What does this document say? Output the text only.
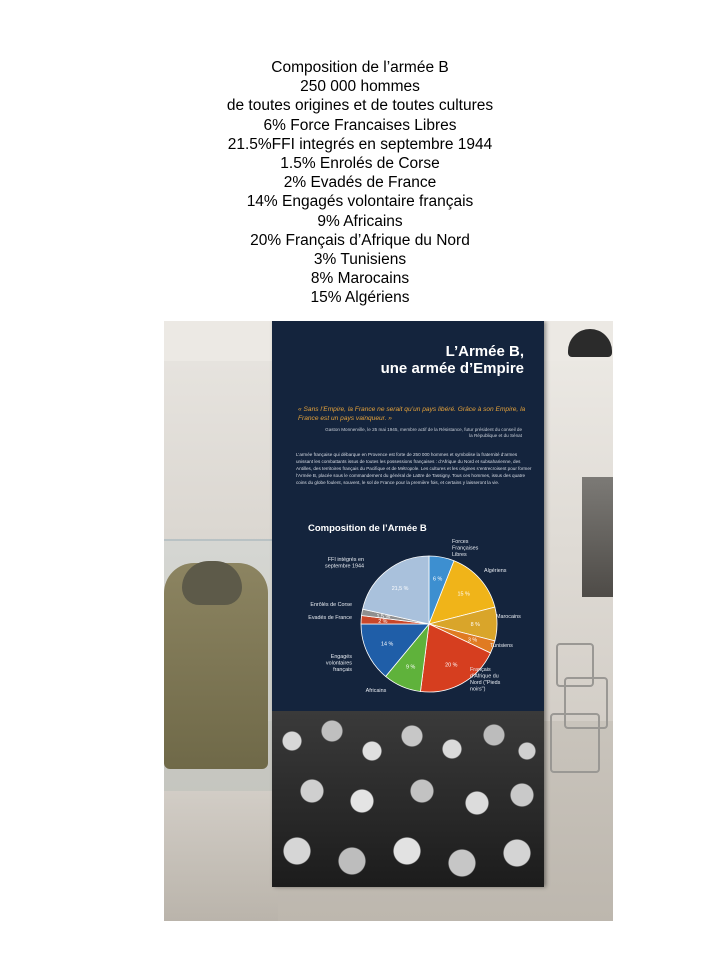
Composition de l’armée B
250 000 hommes
de toutes origines et de toutes cultures
6% Force Francaises Libres
21.5%FFI integrés en septembre 1944
1.5% Enrolés de Corse
2% Evadés de France
14% Engagés volontaire français
9% Africains
20% Français d’Afrique du Nord
3% Tunisiens
8% Marocains
15% Algériens
L’Armée B,
une armée d’Empire
« Sans l’Empire, la France ne serait qu’un pays libéré. Grâce à son Empire, la France est un pays vainqueur. »
Gaston Monnerville, le 25 mai 1945, membre actif de la Résistance, futur président du conseil de la République et du Sénat
L’armée française qui débarque en Provence est forte de 250 000 hommes et symbolise la fraternité d’armes unissant les combattants issus de toutes les possessions françaises : d’Afrique du Nord et subsaharienne, des Antilles, des territoires français du Pacifique et de Métropole. Les cultures et les origines s’entrecroisent pour former l’Armée B, placée sous le commandement du général de Lattre de Tassigny. Tous ces hommes, issus des quatre coins du globe foulent, souvent, le sol de France pour la première fois, et certains y laisseront la vie.
Composition de l’Armée B
6 %
Forces Françaises Libres
15 %
Algériens
8 %
Marocains
3 %
Tunisiens
20 %
Français d’Afrique du Nord ("Pieds noirs")
9 %
Africains
14 %
Engagés volontaires français
2 %
Evadés de France	1,5 %
Enrôlés de Corse
21,5 %
FFI intégrés en septembre 1944
